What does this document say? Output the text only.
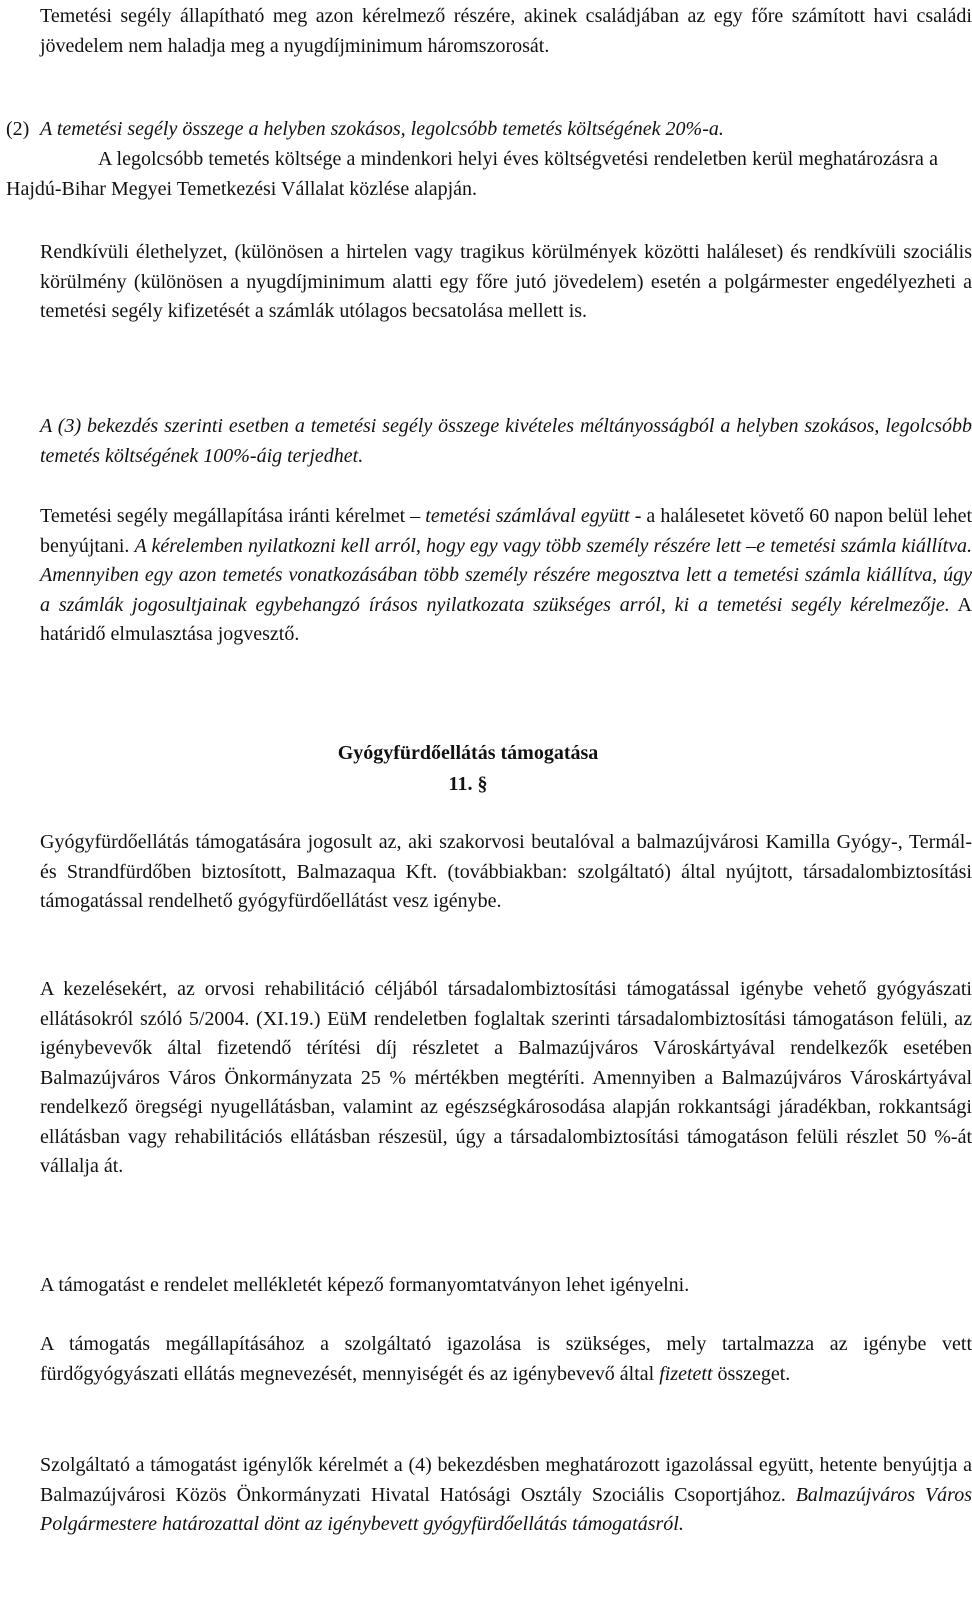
Temetési segély állapítható meg azon kérelmező részére, akinek családjában az egy főre számított havi családi jövedelem nem haladja meg a nyugdíjminimum háromszorosát.

(2) A temetési segély összege a helyben szokásos, legolcsóbb temetés költségének 20%-a.

A legolcsóbb temetés költsége a mindenkori helyi éves költségvetési rendeletben kerül meghatározásra a Hajdú-Bihar Megyei Temetkezési Vállalat közlése alapján.

Rendkívüli élethelyzet, (különösen a hirtelen vagy tragikus körülmények közötti haláleset) és rendkívüli szociális körülmény (különösen a nyugdíjminimum alatti egy főre jutó jövedelem) esetén a polgármester engedélyezheti a temetési segély kifizetését a számlák utólagos becsatolása mellett is.

A (3) bekezdés szerinti esetben a temetési segély összege kivételes méltányosságból a helyben szokásos, legolcsóbb temetés költségének 100%-áig terjedhet.

Temetési segély megállapítása iránti kérelmet – temetési számlával együtt - a halálesetet követő 60 napon belül lehet benyújtani. A kérelemben nyilatkozni kell arról, hogy egy vagy több személy részére lett –e temetési számla kiállítva. Amennyiben egy azon temetés vonatkozásában több személy részére megosztva lett a temetési számla kiállítva, úgy a számlák jogosultjainak egybehangzó írásos nyilatkozata szükséges arról, ki a temetési segély kérelmezője. A határidő elmulasztása jogvesztő.

Gyógyfürdőellátás támogatása

11. §

Gyógyfürdőellátás támogatására jogosult az, aki szakorvosi beutalóval a balmazújvárosi Kamilla Gyógy-, Termál- és Strandfürdőben biztosított, Balmazaqua Kft. (továbbiakban: szolgáltató) által nyújtott, társadalombiztosítási támogatással rendelhető gyógyfürdőellátást vesz igénybe.

A kezelésekért, az orvosi rehabilitáció céljából társadalombiztosítási támogatással igénybe vehető gyógyászati ellátásokról szóló 5/2004. (XI.19.) EüM rendeletben foglaltak szerinti társadalombiztosítási támogatáson felüli, az igénybevevők által fizetendő térítési díj részletet a Balmazújváros Városkártyával rendelkezők esetében Balmazújváros Város Önkormányzata 25 % mértékben megtéríti. Amennyiben a Balmazújváros Városkártyával rendelkező öregségi nyugellátásban, valamint az egészségkárosodása alapján rokkantsági járadékban, rokkantsági ellátásban vagy rehabilitációs ellátásban részesül, úgy a társadalombiztosítási támogatáson felüli részlet 50 %-át vállalja át.

A támogatást e rendelet mellékletét képező formanyomtatványon lehet igényelni.

A támogatás megállapításához a szolgáltató igazolása is szükséges, mely tartalmazza az igénybe vett fürdőgyógyászati ellátás megnevezését, mennyiségét és az igénybevevő által fizetett összeget.

Szolgáltató a támogatást igénylők kérelmét a (4) bekezdésben meghatározott igazolással együtt, hetente benyújtja a Balmazújvárosi Közös Önkormányzati Hivatal Hatósági Osztály Szociális Csoportjához. Balmazújváros Város Polgármestere határozattal dönt az igénybevett gyógyfürdőellátás támogatásról.
